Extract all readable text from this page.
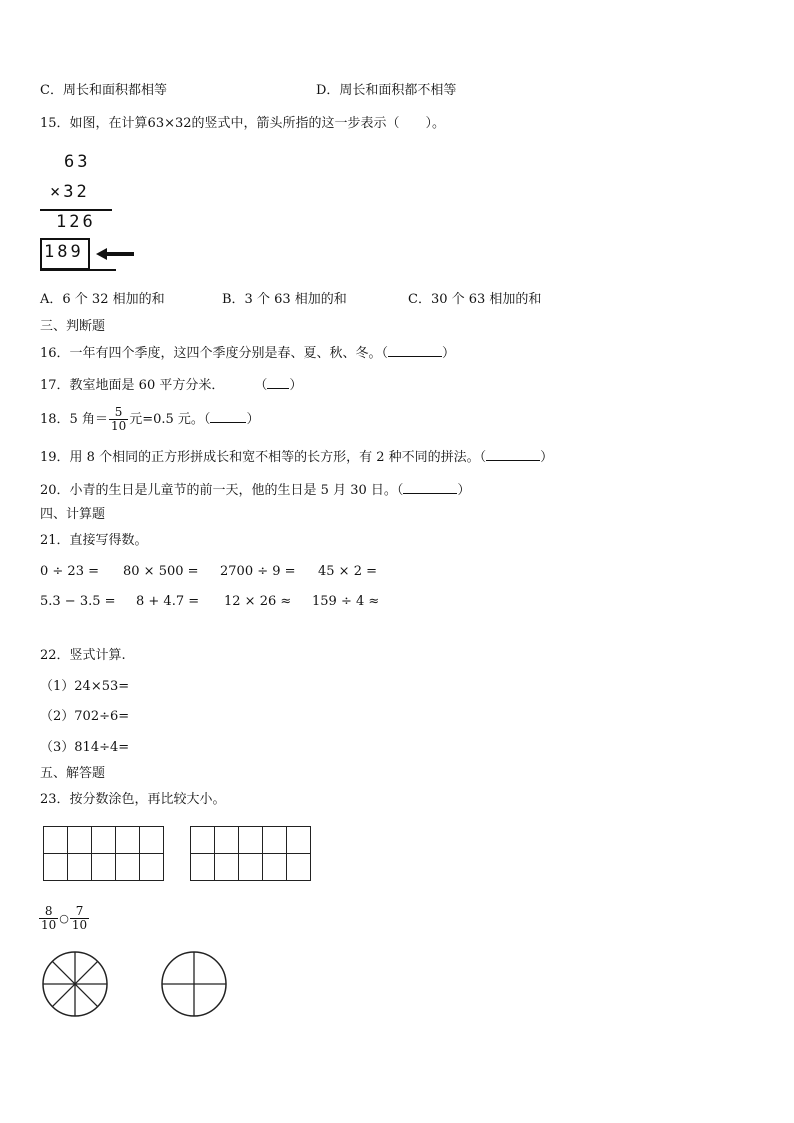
C．周长和面积都相等	D．周长和面积都不相等
15．如图，在计算63×32的竖式中，箭头所指的这一步表示（　　）。
63
×32
126
189
A．6 个 32 相加的和	B．3 个 63 相加的和	C．30 个 63 相加的和
三、判断题
16．一年有四个季度，这四个季度分别是春、夏、秋、冬。（	）
17．教室地面是 60 平方分米． （ ）
18．5 角＝ $\frac{5}{10}$ 元=0.5 元。（	）
19．用 8 个相同的正方形拼成长和宽不相等的长方形，有 2 种不同的拼法。（	）
20．小青的生日是儿童节的前一天，他的生日是 5 月 30 日。（	）
四、计算题
21．直接写得数。
0 ÷ 23 = 80 × 500 = 2700 ÷ 9 = 45 × 2 =
5.3 − 3.5 = 8 + 4.7 = 12 × 26 ≈ 159 ÷ 4 ≈
22．竖式计算.
（1）24×53=
（2）702÷6=
（3）814÷4=
五、解答题
23．按分数涂色，再比较大小。

$\frac{8}{10}$ ○ $\frac{7}{10}$
